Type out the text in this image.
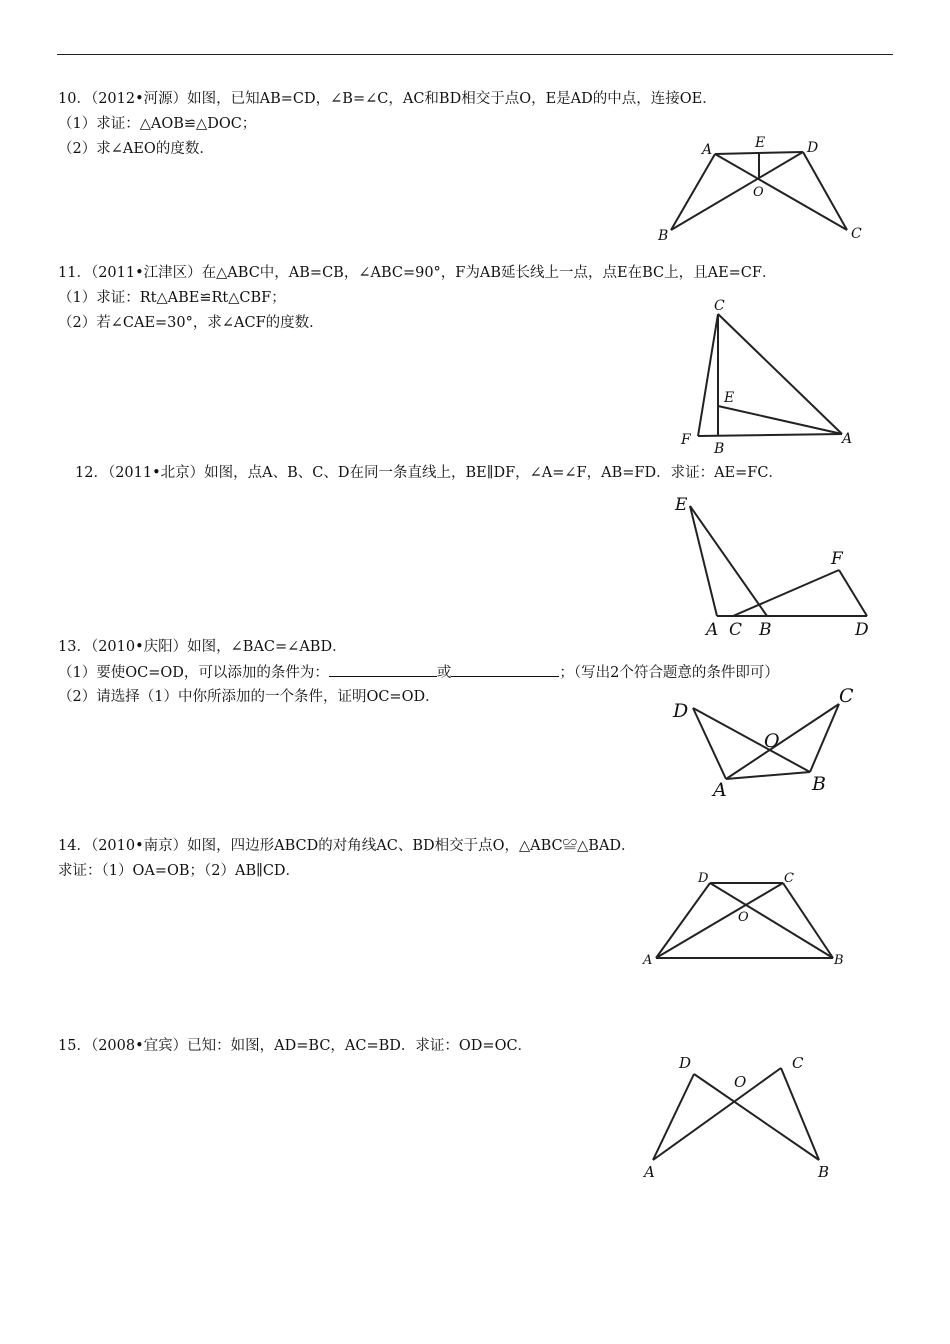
10．（2012•河源）如图，已知AB=CD，∠B=∠C，AC和BD相交于点O，E是AD的中点，连接OE．
（1）求证：△AOB≌△DOC；
（2）求∠AEO的度数．	A	E	D
O
B	C
11．（2011•江津区）在△ABC中，AB=CB，∠ABC=90°，F为AB延长线上一点，点E在BC上，且AE=CF．
（1）求证：Rt△ABE≌Rt△CBF；
（2）若∠CAE=30°，求∠ACF的度数．
C
E
F
B
A
12．（2011•北京）如图，点A、B、C、D在同一条直线上，BE∥DF，∠A=∠F，AB=FD．求证：AE=FC．
E
F
A C B	D
13．（2010•庆阳）如图，∠BAC=∠ABD．
（1）要使OC=OD，可以添加的条件为：	或	；（写出2个符合题意的条件即可）
（2）请选择（1）中你所添加的一个条件，证明OC=OD．
D
C
O
A	B
14．（2010•南京）如图，四边形ABCD的对角线AC、BD相交于点O，△ABC≌△BAD．
求证：（1）OA=OB；（2）AB∥CD．	D	C
O
A	B
15．（2008•宜宾）已知：如图，AD=BC，AC=BD．求证：OD=OC．
D
O
C
A	B
